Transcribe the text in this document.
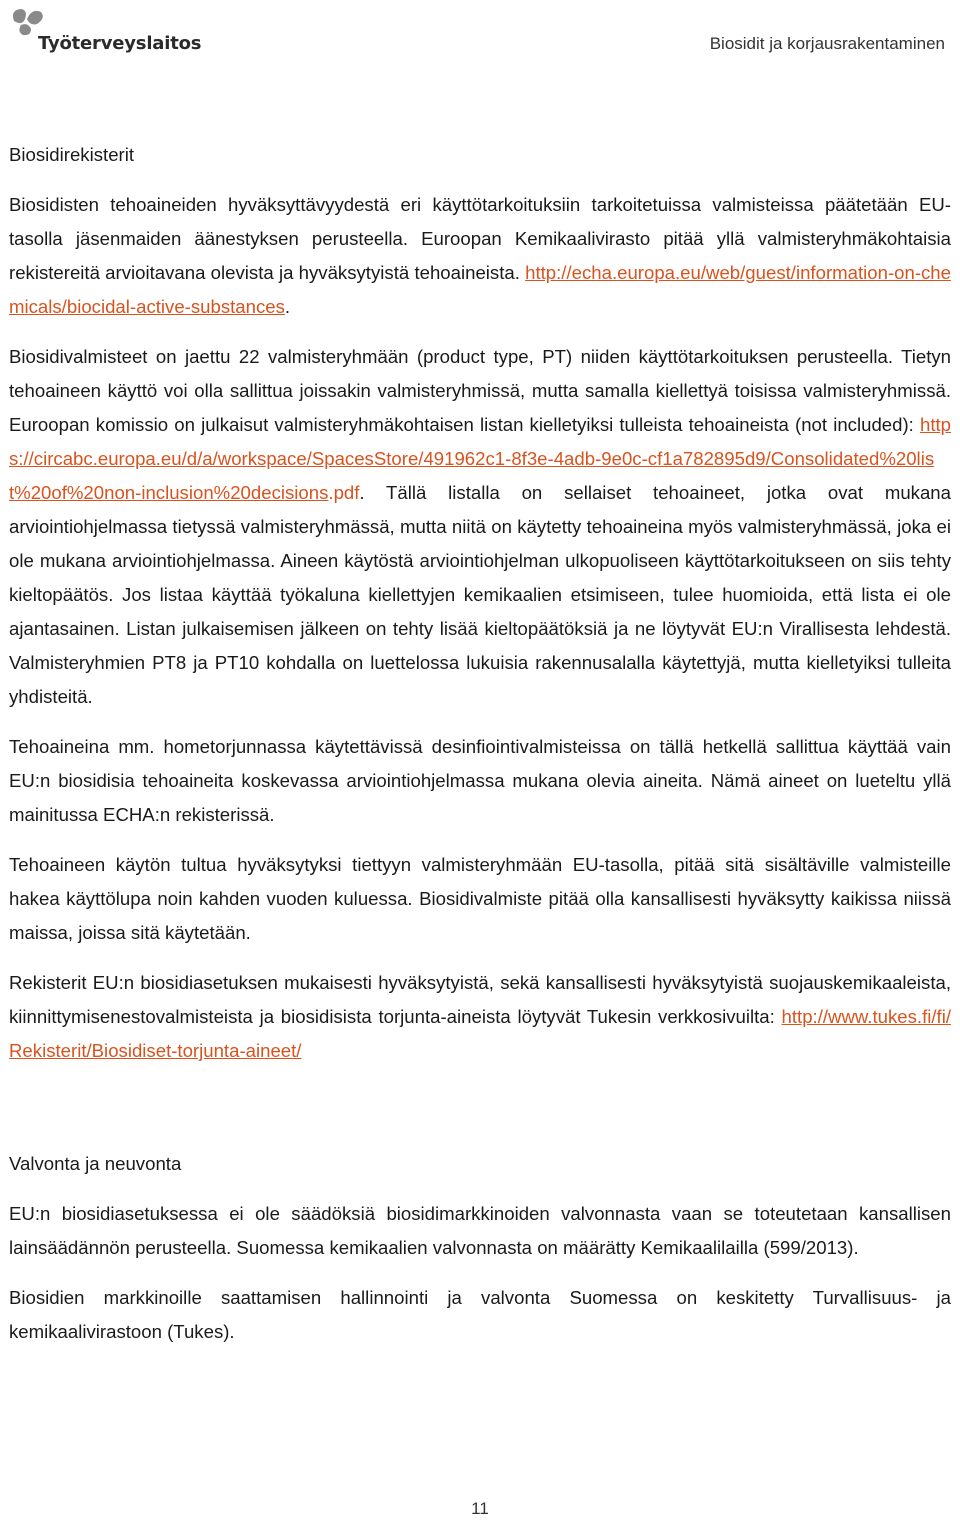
Työterveyslaitos	Biosidit ja korjausrakentaminen
Biosidirekisterit

Biosidisten tehoaineiden hyväksyttävyydestä eri käyttötarkoituksiin tarkoitetuissa valmisteissa päätetään EU-tasolla jäsenmaiden äänestyksen perusteella. Euroopan Kemikaalivirasto pitää yllä valmisteryhmäkohtaisia rekistereitä arvioitavana olevista ja hyväksytyistä tehoaineista. http://echa.europa.eu/web/guest/information-on-chemicals/biocidal-active-substances.

Biosidivalmisteet on jaettu 22 valmisteryhmään (product type, PT) niiden käyttötarkoituksen perusteella. Tietyn tehoaineen käyttö voi olla sallittua joissakin valmisteryhmissä, mutta samalla kiellettyä toisissa valmisteryhmissä. Euroopan komissio on julkaisut valmisteryhmäkohtaisen listan kielletyiksi tulleista tehoaineista (not included): https://circabc.europa.eu/d/a/workspace/SpacesStore/491962c1-8f3e-4adb-9e0c-cf1a782895d9/Consolidated%20list%20of%20non-inclusion%20decisions.pdf. Tällä listalla on sellaiset tehoaineet, jotka ovat mukana arviointiohjelmassa tietyssä valmisteryhmässä, mutta niitä on käytetty tehoaineina myös valmisteryhmässä, joka ei ole mukana arviointiohjelmassa. Aineen käytöstä arviointiohjelman ulkopuoliseen käyttötarkoitukseen on siis tehty kieltopäätös. Jos listaa käyttää työkaluna kiellettyjen kemikaalien etsimiseen, tulee huomioida, että lista ei ole ajantasainen. Listan julkaisemisen jälkeen on tehty lisää kieltopäätöksiä ja ne löytyvät EU:n Virallisesta lehdestä. Valmisteryhmien PT8 ja PT10 kohdalla on luettelossa lukuisia rakennusalalla käytettyjä, mutta kielletyiksi tulleita yhdisteitä.

Tehoaineina mm. hometorjunnassa käytettävissä desinfiointivalmisteissa on tällä hetkellä sallittua käyttää vain EU:n biosidisia tehoaineita koskevassa arviointiohjelmassa mukana olevia aineita. Nämä aineet on lueteltu yllä mainitussa ECHA:n rekisterissä.

Tehoaineen käytön tultua hyväksytyksi tiettyyn valmisteryhmään EU-tasolla, pitää sitä sisältäville valmisteille hakea käyttölupa noin kahden vuoden kuluessa. Biosidivalmiste pitää olla kansallisesti hyväksytty kaikissa niissä maissa, joissa sitä käytetään.

Rekisterit EU:n biosidiasetuksen mukaisesti hyväksytyistä, sekä kansallisesti hyväksytyistä suojauskemikaaleista, kiinnittymisenestovalmisteista ja biosidisista torjunta-aineista löytyvät Tukesin verkkosivuilta: http://www.tukes.fi/fi/Rekisterit/Biosidiset-torjunta-aineet/

Valvonta ja neuvonta

EU:n biosidiasetuksessa ei ole säädöksiä biosidimarkkinoiden valvonnasta vaan se toteutetaan kansallisen lainsäädännön perusteella. Suomessa kemikaalien valvonnasta on määrätty Kemikaalilailla (599/2013).

Biosidien markkinoille saattamisen hallinnointi ja valvonta Suomessa on keskitetty Turvallisuus- ja kemikaalivirastoon (Tukes).

11
